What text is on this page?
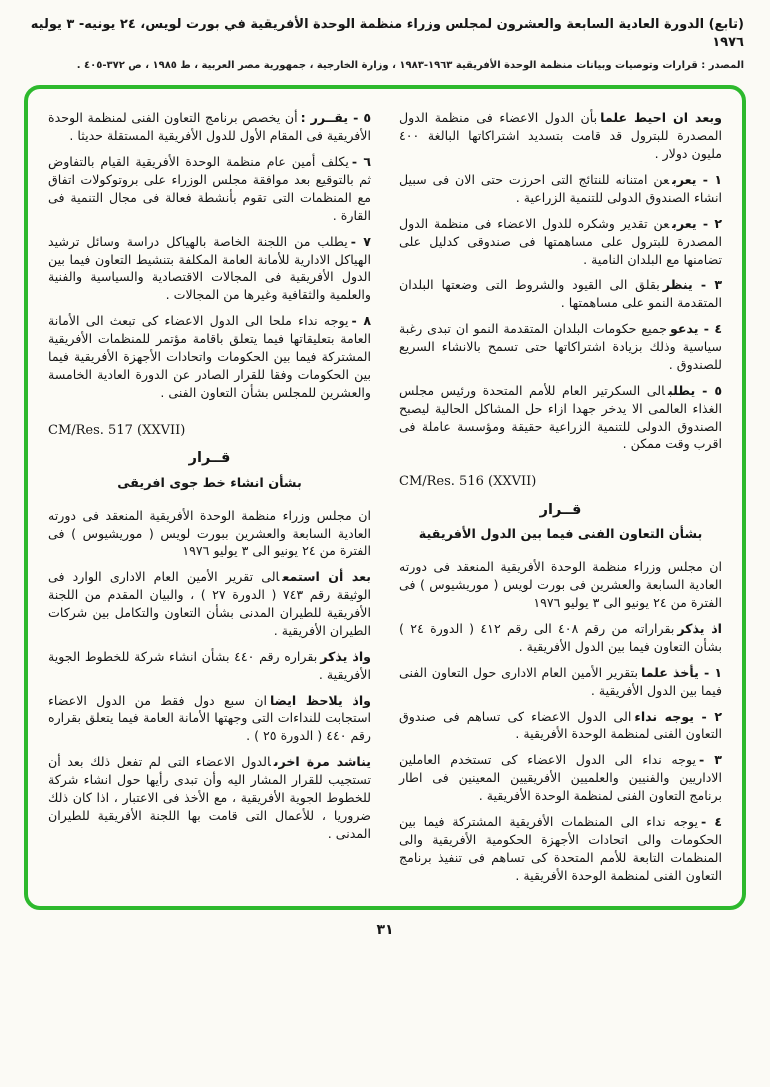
(تابع) الدورة العادية السابعة والعشرون لمجلس وزراء منظمة الوحدة الأفريقية في بورت لويس، ٢٤ يونيه- ٣ يوليه ١٩٧٦
المصدر : قرارات وتوصيات وبيانات منظمة الوحدة الأفريقية ١٩٦٣-١٩٨٣ ، وزارة الخارجية ، جمهورية مصر العربية ، ط ١٩٨٥ ، ص ٣٧٢-٤٠٥ .

وبعد ان احيط علمابأن الدول الاعضاء فى منظمة الدول المصدرة للبترول قد قامت بتسديد اشتراكاتها البالغة ٤٠٠ مليون دولار .

١ - يعربعن امتنانه للنتائج التى احرزت حتى الان فى سبيل انشاء الصندوق الدولى للتنمية الزراعية .

٢ - يعربعن تقدير وشكره للدول الاعضاء فى منظمة الدول المصدرة للبترول على مساهمتها فى صندوقى كدليل على تضامنها مع البلدان النامية .

٣ - ينظربقلق الى القيود والشروط التى وضعتها البلدان المتقدمة النمو على مساهمتها .

٤ - يدعوجميع حكومات البلدان المتقدمة النمو ان تبدى رغبة سياسية وذلك بزيادة اشتراكاتها حتى تسمح بالانشاء السريع للصندوق .

٥ - يطلبالى السكرتير العام للأمم المتحدة ورئيس مجلس الغذاء العالمى الا يدخر جهدا ازاء حل المشاكل الحالية ليصبح الصندوق الدولى للتنمية الزراعية حقيقة ومؤسسة عاملة فى اقرب وقت ممكن .

CM/Res. 516 (XXVII)
قــرار
بشأن التعاون الفنى فيما بين الدول الأفريقية

ان مجلس وزراء منظمة الوحدة الأفريقية المنعقد فى دورته العادية السابعة والعشرين فى بورت لويس ( موريشيوس ) فى الفترة من ٢٤ يونيو الى ٣ يوليو ١٩٧٦

اذ يذكربقراراته من رقم ٤٠٨ الى رقم ٤١٢ ( الدورة ٢٤ ) بشأن التعاون فيما بين الدول الأفريقية .

١ - يأخذ علمابتقرير الأمين العام الادارى حول التعاون الفنى فيما بين الدول الأفريقية .

٢ - يوجه نداءالى الدول الاعضاء كى تساهم فى صندوق التعاون الفنى لمنظمة الوحدة الأفريقية .

٣ -يوجه نداء الى الدول الاعضاء كى تستخدم العاملين الاداريين والفنيين والعلميين الأفريقيين المعينين فى اطار برنامج التعاون الفنى لمنظمة الوحدة الأفريقية .

٤ -يوجه نداء الى المنظمات الأفريقية المشتركة فيما بين الحكومات والى اتحادات الأجهزة الحكومية الأفريقية والى المنظمات التابعة للأمم المتحدة كى تساهم فى تنفيذ برنامج التعاون الفنى لمنظمة الوحدة الأفريقية .

٥ - يقــرر :أن يخصص برنامج التعاون الفنى لمنظمة الوحدة الأفريقية فى المقام الأول للدول الأفريقية المستقلة حديثا .

٦ -يكلف أمين عام منظمة الوحدة الأفريقية القيام بالتفاوض ثم بالتوقيع بعد موافقة مجلس الوزراء على بروتوكولات اتفاق مع المنظمات التى تقوم بأنشطة فعالة فى مجال التنمية فى القارة .

٧ -يطلب من اللجنة الخاصة بالهياكل دراسة وسائل ترشيد الهياكل الادارية للأمانة العامة المكلفة بتنشيط التعاون فيما بين الدول الأفريقية فى المجالات الاقتصادية والسياسية والفنية والعلمية والثقافية وغيرها من المجالات .

٨ -يوجه نداء ملحا الى الدول الاعضاء كى تبعث الى الأمانة العامة بتعليقاتها فيما يتعلق باقامة مؤتمر للمنظمات الأفريقية المشتركة فيما بين الحكومات واتحادات الأجهزة الأفريقية فيما بين الحكومات وفقا للقرار الصادر عن الدورة العادية الخامسة والعشرين للمجلس بشأن التعاون الفنى .

CM/Res. 517 (XXVII)
قــرار
بشأن انشاء خط جوى افريقى

ان مجلس وزراء منظمة الوحدة الأفريقية المنعقد فى دورته العادية السابعة والعشرين ببورت لويس ( موريشيوس ) فى الفترة من ٢٤ يونيو الى ٣ يوليو ١٩٧٦

بعد أن استمعالى تقرير الأمين العام الادارى الوارد فى الوثيقة رقم ٧٤٣ ( الدورة ٢٧ ) ، والبيان المقدم من اللجنة الأفريقية للطيران المدنى بشأن التعاون والتكامل بين شركات الطيران الأفريقية .

واذ يذكربقراره رقم ٤٤٠ بشأن انشاء شركة للخطوط الجوية الأفريقية .

واذ يلاحظ ايضاان سبع دول فقط من الدول الاعضاء استجابت للنداءات التى وجهتها الأمانة العامة فيما يتعلق بقراره رقم ٤٤٠ ( الدورة ٢٥ ) .

يناشد مرة اخرىالدول الاعضاء التى لم تفعل ذلك بعد أن تستجيب للقرار المشار اليه وأن تبدى رأيها حول انشاء شركة للخطوط الجوية الأفريقية ، مع الأخذ فى الاعتبار ، اذا كان ذلك ضروريا ، للأعمال التى قامت بها اللجنة الأفريقية للطيران المدنى .

٣١
